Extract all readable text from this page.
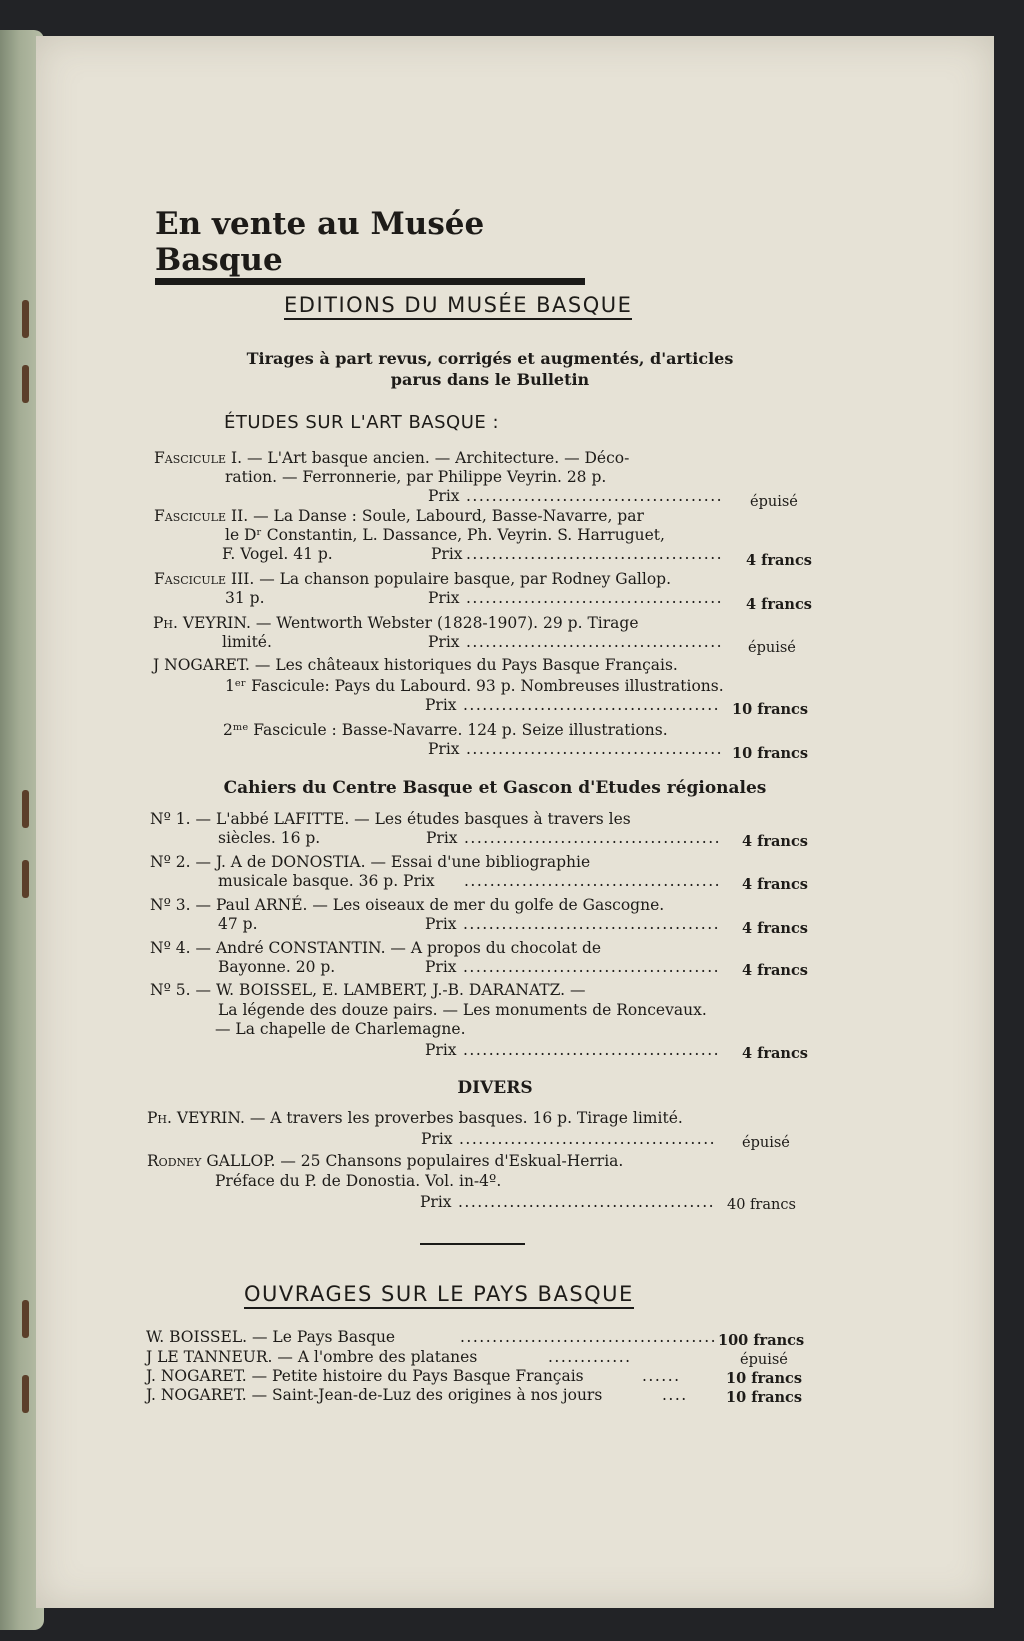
En vente au Musée Basque
EDITIONS DU MUSÉE BASQUE
Tirages à part revus, corrigés et augmentés, d'articles
parus dans le Bulletin
ÉTUDES SUR L'ART BASQUE :
Fascicule I. — L'Art basque ancien. — Architecture. — Déco-
ration. — Ferronnerie, par Philippe Veyrin. 28 p.
Prix ........................................ épuisé
Fascicule II. — La Danse : Soule, Labourd, Basse-Navarre, par
le Dʳ Constantin, L. Dassance, Ph. Veyrin. S. Harruguet,
F. Vogel. 41 p.	Prix ........................................ 4 francs
Fascicule III. — La chanson populaire basque, par Rodney Gallop.
31 p.	Prix ........................................ 4 francs
Ph. VEYRIN. — Wentworth Webster (1828-1907). 29 p. Tirage
limité.	Prix ........................................ épuisé
J NOGARET. — Les châteaux historiques du Pays Basque Français.
1ᵉʳ Fascicule: Pays du Labourd. 93 p. Nombreuses illustrations.
Prix ........................................ 10 francs
2ᵐᵉ Fascicule : Basse-Navarre. 124 p. Seize illustrations.
Prix ........................................ 10 francs
Cahiers du Centre Basque et Gascon d'Etudes régionales
Nº 1. — L'abbé LAFITTE. — Les études basques à travers les
siècles. 16 p.	Prix ........................................ 4 francs
Nº 2. — J. A de DONOSTIA. — Essai d'une bibliographie
musicale basque. 36 p. Prix ........................................ 4 francs
Nº 3. — Paul ARNÉ. — Les oiseaux de mer du golfe de Gascogne.
47 p.	Prix ........................................ 4 francs
Nº 4. — André CONSTANTIN. — A propos du chocolat de
Bayonne. 20 p.	Prix ........................................ 4 francs
Nº 5. — W. BOISSEL, E. LAMBERT, J.-B. DARANATZ. —
La légende des douze pairs. — Les monuments de Roncevaux.
— La chapelle de Charlemagne.
Prix ........................................ 4 francs
DIVERS
Ph. VEYRIN. — A travers les proverbes basques. 16 p. Tirage limité.
Prix ........................................ épuisé
Rodney GALLOP. — 25 Chansons populaires d'Eskual-Herria.
Préface du P. de Donostia. Vol. in-4º.
Prix ........................................ 40 francs
OUVRAGES SUR LE PAYS BASQUE
W. BOISSEL. — Le Pays Basque	........................................ 100 francs
J LE TANNEUR. — A l'ombre des platanes	.............	épuisé
J. NOGARET. — Petite histoire du Pays Basque Français	......	10 francs
J. NOGARET. — Saint-Jean-de-Luz des origines à nos jours	....	10 francs
